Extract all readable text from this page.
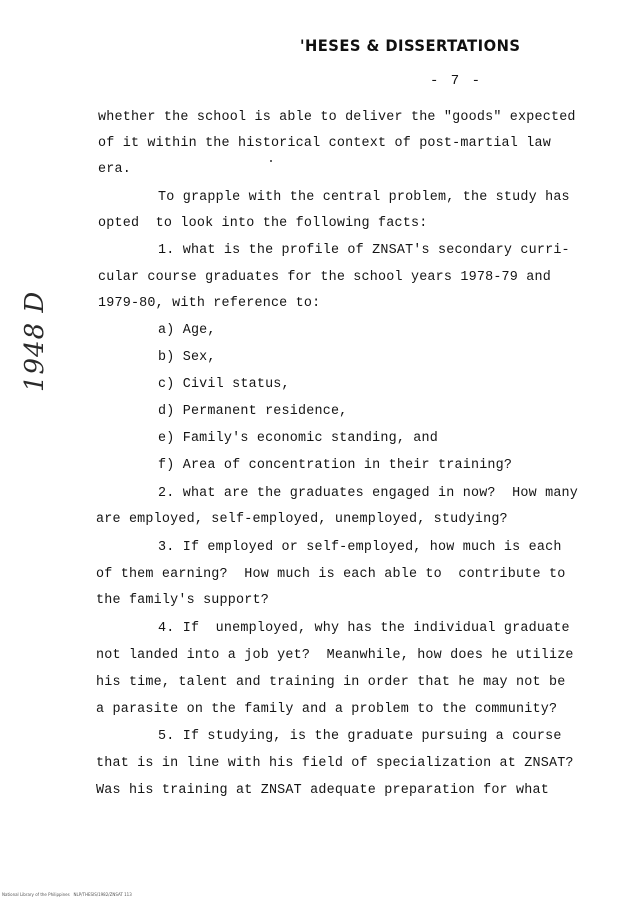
'HESES & DISSERTATIONS
- 7 -
1948 D
whether the school is able to deliver the "goods" expected
of it within the historical context of post-martial law
era.
To grapple with the central problem, the study has
opted  to look into the following facts:
1. what is the profile of ZNSAT's secondary curri-
cular course graduates for the school years 1978-79 and
1979-80, with reference to:
a) Age,
b) Sex,
c) Civil status,
d) Permanent residence,
e) Family's economic standing, and
f) Area of concentration in their training?
2. what are the graduates engaged in now?  How many
are employed, self-employed, unemployed, studying?
3. If employed or self-employed, how much is each
of them earning?  How much is each able to  contribute to
the family's support?
4. If  unemployed, why has the individual graduate
not landed into a job yet?  Meanwhile, how does he utilize
his time, talent and training in order that he may not be
a parasite on the family and a problem to the community?
5. If studying, is the graduate pursuing a course
that is in line with his field of specialization at ZNSAT?
Was his training at ZNSAT adequate preparation for what
National Library of the Philippines   NLP/THESIS/1982/ZNSAT 113
